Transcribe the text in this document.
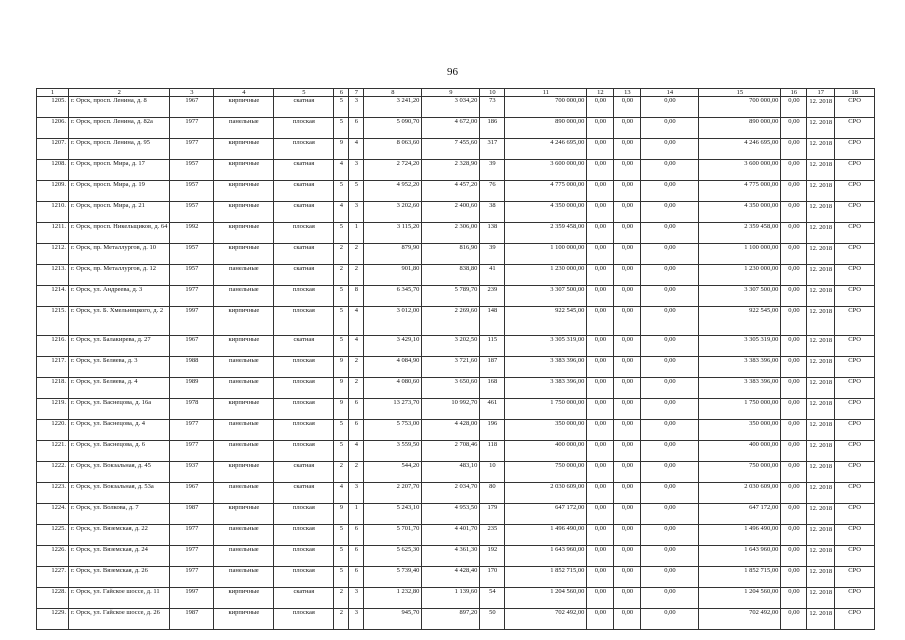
96
1	2	3	4	5	6	7	8	9	10	11	12	13	14	15	16	17	18
1205.	г. Орск, просп. Ленина, д. 8	1967	кирпичные	скатная	5	3	3 241,20	3 034,20	73	700 000,00	0,00	0,00	0,00	700 000,00	0,00	12. 2018	СРО
1206.	г. Орск, просп. Ленина, д. 82а	1977	панельные	плоская	5	6	5 090,70	4 672,00	186	890 000,00	0,00	0,00	0,00	890 000,00	0,00	12. 2018	СРО
1207.	г. Орск, просп. Ленина, д. 95	1977	кирпичные	плоская	9	4	8 063,60	7 455,60	317	4 246 695,00	0,00	0,00	0,00	4 246 695,00	0,00	12. 2018	СРО
1208.	г. Орск, просп. Мира, д. 17	1957	кирпичные	скатная	4	3	2 724,20	2 328,90	39	3 600 000,00	0,00	0,00	0,00	3 600 000,00	0,00	12. 2018	СРО
1209.	г. Орск, просп. Мира, д. 19	1957	кирпичные	скатная	5	5	4 952,20	4 457,20	76	4 775 000,00	0,00	0,00	0,00	4 775 000,00	0,00	12. 2018	СРО
1210.	г. Орск, просп. Мира, д. 21	1957	кирпичные	скатная	4	3	3 202,60	2 400,60	38	4 350 000,00	0,00	0,00	0,00	4 350 000,00	0,00	12. 2018	СРО
1211.	г. Орск, просп. Никельщиков, д. 64	1992	кирпичные	плоская	5	1	3 115,20	2 306,00	138	2 359 458,00	0,00	0,00	0,00	2 359 458,00	0,00	12. 2018	СРО
1212.	г. Орск, пр. Металлургов, д. 10	1957	кирпичные	скатная	2	2	879,90	816,90	39	1 100 000,00	0,00	0,00	0,00	1 100 000,00	0,00	12. 2018	СРО
1213.	г. Орск, пр. Металлургов, д. 12	1957	панельные	скатная	2	2	901,80	838,80	41	1 230 000,00	0,00	0,00	0,00	1 230 000,00	0,00	12. 2018	СРО
1214.	г. Орск, ул. Андреева, д. 3	1977	панельные	плоская	5	8	6 345,70	5 789,70	239	3 307 500,00	0,00	0,00	0,00	3 307 500,00	0,00	12. 2018	СРО
1215.	г. Орск, ул. Б. Хмельницкого, д. 2	1997	кирпичные	плоская	5	4	3 012,00	2 269,60	148	922 545,00	0,00	0,00	0,00	922 545,00	0,00	12. 2018	СРО
1216.	г. Орск, ул. Балакирева, д. 27	1967	кирпичные	скатная	5	4	3 429,10	3 202,50	115	3 305 319,00	0,00	0,00	0,00	3 305 319,00	0,00	12. 2018	СРО
1217.	г. Орск, ул. Беляева, д. 3	1988	панельные	плоская	9	2	4 084,90	3 721,60	187	3 383 396,00	0,00	0,00	0,00	3 383 396,00	0,00	12. 2018	СРО
1218.	г. Орск, ул. Беляева, д. 4	1989	панельные	плоская	9	2	4 080,60	3 650,60	168	3 383 396,00	0,00	0,00	0,00	3 383 396,00	0,00	12. 2018	СРО
1219.	г. Орск, ул. Васнецова, д. 16а	1978	кирпичные	плоская	9	6	13 273,70	10 992,70	461	1 750 000,00	0,00	0,00	0,00	1 750 000,00	0,00	12. 2018	СРО
1220.	г. Орск, ул. Васнецова, д. 4	1977	панельные	плоская	5	6	5 753,00	4 428,00	196	350 000,00	0,00	0,00	0,00	350 000,00	0,00	12. 2018	СРО
1221.	г. Орск, ул. Васнецова, д. 6	1977	панельные	плоская	5	4	3 559,50	2 708,46	118	400 000,00	0,00	0,00	0,00	400 000,00	0,00	12. 2018	СРО
1222.	г. Орск, ул. Вокзальная, д. 45	1937	кирпичные	скатная	2	2	544,20	483,10	10	750 000,00	0,00	0,00	0,00	750 000,00	0,00	12. 2018	СРО
1223.	г. Орск, ул. Вокзальная, д. 53а	1967	панельные	скатная	4	3	2 207,70	2 034,70	80	2 030 609,00	0,00	0,00	0,00	2 030 609,00	0,00	12. 2018	СРО
1224.	г. Орск, ул. Волкова, д. 7	1987	кирпичные	плоская	9	1	5 243,10	4 953,50	179	647 172,00	0,00	0,00	0,00	647 172,00	0,00	12. 2018	СРО
1225.	г. Орск, ул. Вяземская, д. 22	1977	панельные	плоская	5	6	5 701,70	4 401,70	235	1 496 490,00	0,00	0,00	0,00	1 496 490,00	0,00	12. 2018	СРО
1226.	г. Орск, ул. Вяземская, д. 24	1977	панельные	плоская	5	6	5 625,30	4 361,30	192	1 643 960,00	0,00	0,00	0,00	1 643 960,00	0,00	12. 2018	СРО
1227.	г. Орск, ул. Вяземская, д. 26	1977	панельные	плоская	5	6	5 739,40	4 428,40	170	1 852 715,00	0,00	0,00	0,00	1 852 715,00	0,00	12. 2018	СРО
1228.	г. Орск, ул. Гайское шоссе, д. 11	1997	кирпичные	скатная	2	3	1 232,80	1 139,60	54	1 204 560,00	0,00	0,00	0,00	1 204 560,00	0,00	12. 2018	СРО
1229.	г. Орск, ул. Гайское шоссе, д. 26	1987	кирпичные	плоская	2	3	945,70	897,20	50	702 492,00	0,00	0,00	0,00	702 492,00	0,00	12. 2018	СРО
